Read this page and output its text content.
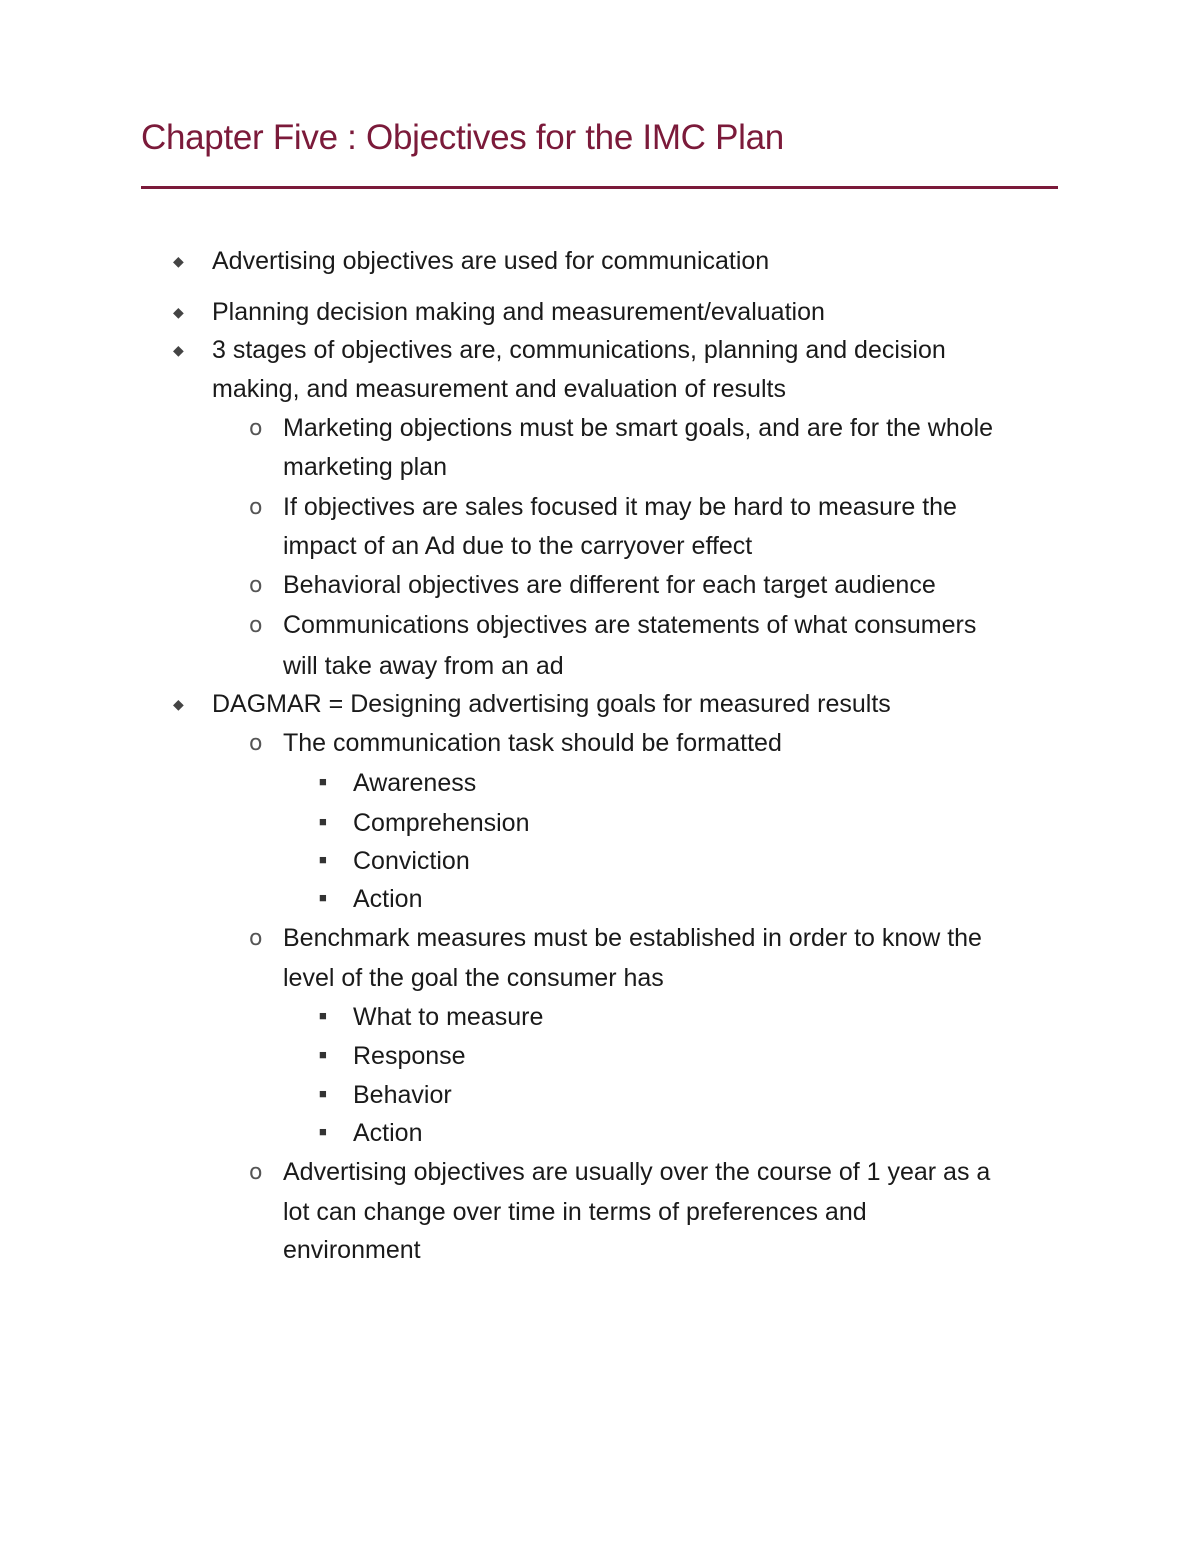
Chapter Five : Objectives for the IMC Plan
◆ Advertising objectives are used for communication
◆ Planning decision making and measurement/evaluation
◆ 3 stages of objectives are, communications, planning and decision
making, and measurement and evaluation of results
o Marketing objections must be smart goals, and are for the whole
marketing plan
o If objectives are sales focused it may be hard to measure the
impact of an Ad due to the carryover effect
o Behavioral objectives are different for each target audience
o Communications objectives are statements of what consumers
will take away from an ad
◆ DAGMAR = Designing advertising goals for measured results
o The communication task should be formatted
■ Awareness
■ Comprehension
■ Conviction
■ Action
o Benchmark measures must be established in order to know the
level of the goal the consumer has
■ What to measure
■ Response
■ Behavior
■ Action
o Advertising objectives are usually over the course of 1 year as a
lot can change over time in terms of preferences and
environment
